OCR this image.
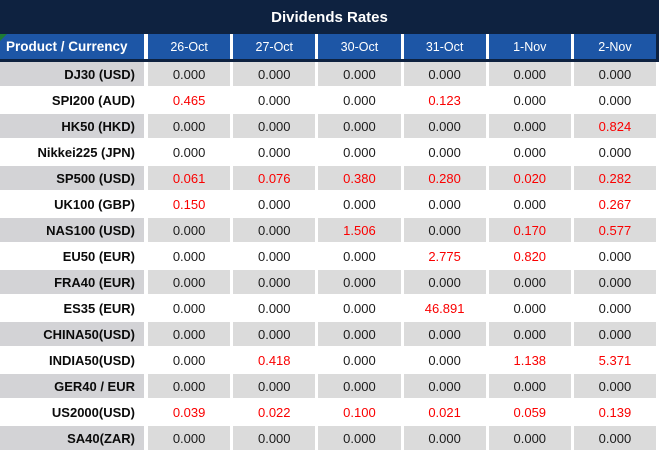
Dividends Rates
Product / Currency	26-Oct	27-Oct	30-Oct	31-Oct	1-Nov	2-Nov
DJ30 (USD)	0.000	0.000	0.000	0.000	0.000	0.000
SPI200 (AUD)	0.465	0.000	0.000	0.123	0.000	0.000
HK50 (HKD)	0.000	0.000	0.000	0.000	0.000	0.824
Nikkei225 (JPN)	0.000	0.000	0.000	0.000	0.000	0.000
SP500 (USD)	0.061	0.076	0.380	0.280	0.020	0.282
UK100 (GBP)	0.150	0.000	0.000	0.000	0.000	0.267
NAS100 (USD)	0.000	0.000	1.506	0.000	0.170	0.577
EU50 (EUR)	0.000	0.000	0.000	2.775	0.820	0.000
FRA40 (EUR)	0.000	0.000	0.000	0.000	0.000	0.000
ES35 (EUR)	0.000	0.000	0.000	46.891	0.000	0.000
CHINA50(USD)	0.000	0.000	0.000	0.000	0.000	0.000
INDIA50(USD)	0.000	0.418	0.000	0.000	1.138	5.371
GER40 / EUR	0.000	0.000	0.000	0.000	0.000	0.000
US2000(USD)	0.039	0.022	0.100	0.021	0.059	0.139
SA40(ZAR)	0.000	0.000	0.000	0.000	0.000	0.000
